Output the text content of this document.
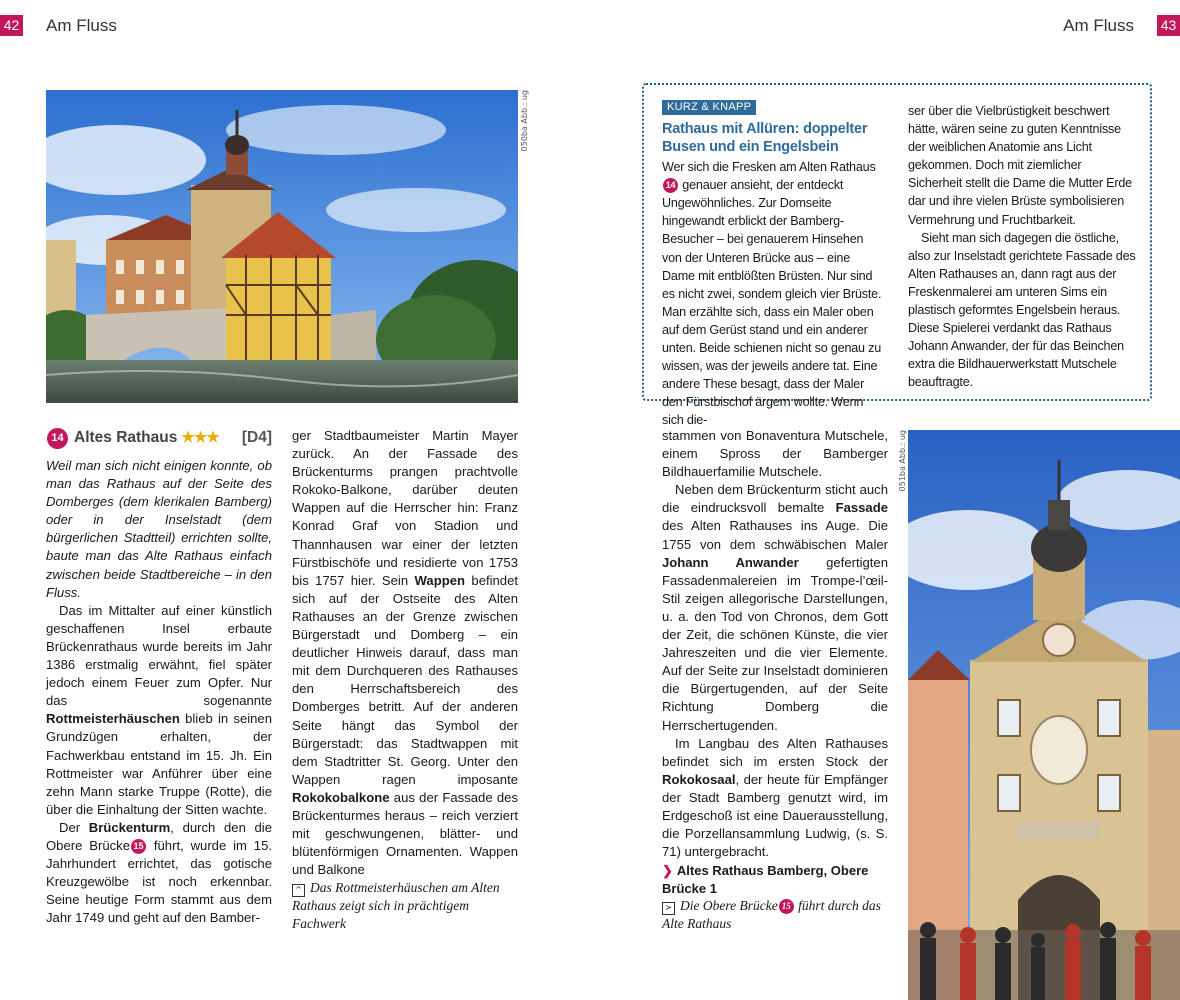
42 Am Fluss	Am Fluss 43
050ba Abb.: ug	KURZ & KNAPP
Rathaus mit Allüren: doppelter Busen und ein Engelsbein

Wer sich die Fresken am Alten Rathaus14 genauer ansieht, der entdeckt Ungewöhnliches. Zur Domseite hingewandt erblickt der Bamberg-Besucher – bei genauerem Hinsehen von der Unteren Brücke aus – eine Dame mit entblößten Brüsten. Nur sind es nicht zwei, sondem gleich vier Brüste. Man erzählte sich, dass ein Maler oben auf dem Gerüst stand und ein anderer unten. Beide schienen nicht so genau zu wissen, was der jeweils andere tat. Eine andere These besagt, dass der Maler den Fürstbischof ärgern wollte. Wenn sich die-

ser über die Vielbrüstigkeit beschwert hätte, wären seine zu guten Kenntnisse der weiblichen Anatomie ans Licht gekommen. Doch mit ziemlicher Sicherheit stellt die Dame die Mutter Erde dar und ihre vielen Brüste symbolisieren Vermehrung und Fruchtbarkeit.

Sieht man sich dagegen die östliche, also zur Inselstadt gerichtete Fassade des Alten Rathauses an, dann ragt aus der Freskenmalerei am unteren Sims ein plastisch geformtes Engelsbein heraus. Diese Spielerei verdankt das Rathaus Johann Anwander, der für das Beinchen extra die Bildhauerwerkstatt Mutschele beauftragte.

14 Altes Rathaus ★★★ [D4]

Weil man sich nicht einigen konnte, ob man das Rathaus auf der Seite des Domberges (dem klerikalen Bamberg) oder in der Inselstadt (dem bürgerlichen Stadtteil) errichten sollte, baute man das Alte Rathaus einfach zwischen beide Stadtbereiche – in den Fluss.

Das im Mittalter auf einer künstlich geschaffenen Insel erbaute Brückenrathaus wurde bereits im Jahr 1386 erstmalig erwähnt, fiel später jedoch einem Feuer zum Opfer. Nur das sogenannte Rottmeisterhäuschen blieb in seinen Grundzügen erhalten, der Fachwerkbau entstand im 15. Jh. Ein Rottmeister war Anführer über eine zehn Mann starke Truppe (Rotte), die über die Einhaltung der Sitten wachte.

Der Brückenturm, durch den die Obere Brücke 15 führt, wurde im 15. Jahrhundert errichtet, das gotische Kreuzgewölbe ist noch erkennbar. Seine heutige Form stammt aus dem Jahr 1749 und geht auf den Bamber-

ger Stadtbaumeister Martin Mayer zurück. An der Fassade des Brückenturms prangen prachtvolle Rokoko-Balkone, darüber deuten Wappen auf die Herrscher hin: Franz Konrad Graf von Stadion und Thannhausen war einer der letzten Fürstbischöfe und residierte von 1753 bis 1757 hier. Sein Wappen befindet sich auf der Ostseite des Alten Rathauses an der Grenze zwischen Bürgerstadt und Domberg – ein deutlicher Hinweis darauf, dass man mit dem Durchqueren des Rathauses den Herrschaftsbereich des Domberges betritt. Auf der anderen Seite hängt das Symbol der Bürgerstadt: das Stadtwappen mit dem Stadtritter St. Georg. Unter den Wappen ragen imposante Rokokobalkone aus der Fassade des Brückenturmes heraus – reich verziert mit geschwungenen, blätter- und blütenförmigen Ornamenten. Wappen und Balkone

^ Das Rottmeisterhäuschen am Alten Rathaus zeigt sich in prächtigem Fachwerk

stammen von Bonaventura Mutschele, einem Spross der Bamberger Bildhauerfamilie Mutschele.

Neben dem Brückenturm sticht auch die eindrucksvoll bemalte Fassade des Alten Rathauses ins Auge. Die 1755 von dem schwäbischen Maler Johann Anwander gefertigten Fassadenmalereien im Trompe-l’œil-Stil zeigen allegorische Darstellungen, u. a. den Tod von Chronos, dem Gott der Zeit, die schönen Künste, die vier Jahreszeiten und die vier Elemente. Auf der Seite zur Inselstadt dominieren die Bürgertugenden, auf der Seite Richtung Domberg die Herrschertugenden.

Im Langbau des Alten Rathauses befindet sich im ersten Stock der Rokokosaal, der heute für Empfänger der Stadt Bamberg genutzt wird, im Erdgeschoß ist eine Dauerausstellung, die Porzellansammlung Ludwig, (s. S. 71) untergebracht.

❯ Altes Rathaus Bamberg, Obere Brücke 1
> Die Obere Brücke 15 führt durch das Alte Rathaus
051ba Abb.: ug
